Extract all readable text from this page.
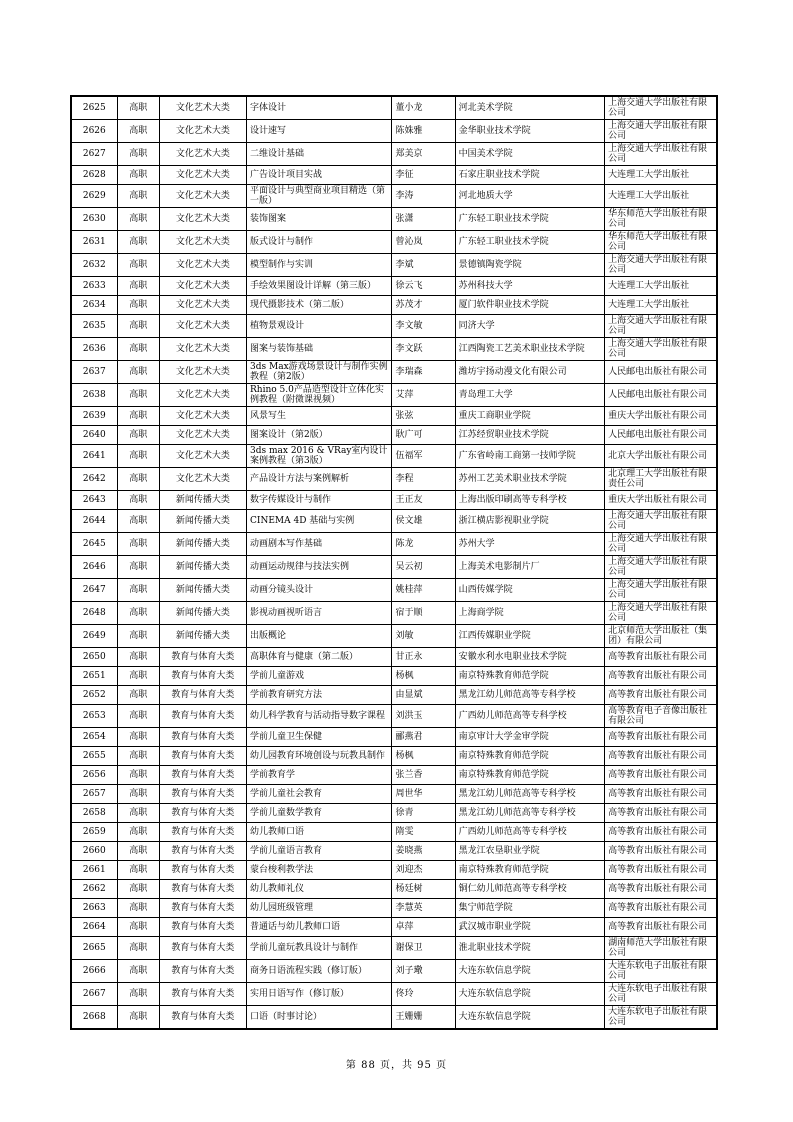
2625	高职	文化艺术大类	字体设计	董小龙	河北美术学院	上海交通大学出版社有限公司
2626	高职	文化艺术大类	设计速写	陈姝雅	金华职业技术学院	上海交通大学出版社有限公司
2627	高职	文化艺术大类	二维设计基础	郑美京	中国美术学院	上海交通大学出版社有限公司
2628	高职	文化艺术大类	广告设计项目实战	李征	石家庄职业技术学院	大连理工大学出版社
2629	高职	文化艺术大类	平面设计与典型商业项目精选（第一版）	李涛	河北地质大学	大连理工大学出版社
2630	高职	文化艺术大类	装饰图案	张潇	广东轻工职业技术学院	华东师范大学出版社有限公司
2631	高职	文化艺术大类	版式设计与制作	曾沁岚	广东轻工职业技术学院	华东师范大学出版社有限公司
2632	高职	文化艺术大类	模型制作与实训	李斌	景德镇陶瓷学院	上海交通大学出版社有限公司
2633	高职	文化艺术大类	手绘效果图设计详解（第三版）	徐云飞	苏州科技大学	大连理工大学出版社
2634	高职	文化艺术大类	现代摄影技术（第二版）	苏茂才	厦门软件职业技术学院	大连理工大学出版社
2635	高职	文化艺术大类	植物景观设计	李文敏	同济大学	上海交通大学出版社有限公司
2636	高职	文化艺术大类	图案与装饰基础	李文跃	江西陶瓷工艺美术职业技术学院	上海交通大学出版社有限公司
2637	高职	文化艺术大类	3ds Max游戏场景设计与制作实例教程（第2版）	李瑞森	潍坊宇扬动漫文化有限公司	人民邮电出版社有限公司
2638	高职	文化艺术大类	Rhino 5.0产品造型设计立体化实例教程（附微课视频）	艾萍	青岛理工大学	人民邮电出版社有限公司
2639	高职	文化艺术大类	风景写生	张弦	重庆工商职业学院	重庆大学出版社有限公司
2640	高职	文化艺术大类	图案设计（第2版）	耿广可	江苏经贸职业技术学院	人民邮电出版社有限公司
2641	高职	文化艺术大类	3ds max 2016 & VRay室内设计案例教程（第3版）	伍福军	广东省岭南工商第一技师学院	北京大学出版社有限公司
2642	高职	文化艺术大类	产品设计方法与案例解析	李程	苏州工艺美术职业技术学院	北京理工大学出版社有限责任公司
2643	高职	新闻传播大类	数字传媒设计与制作	王正友	上海出版印刷高等专科学校	重庆大学出版社有限公司
2644	高职	新闻传播大类	CINEMA 4D 基础与实例	侯文雄	浙江横店影视职业学院	上海交通大学出版社有限公司
2645	高职	新闻传播大类	动画剧本写作基础	陈龙	苏州大学	上海交通大学出版社有限公司
2646	高职	新闻传播大类	动画运动规律与技法实例	吴云初	上海美术电影制片厂	上海交通大学出版社有限公司
2647	高职	新闻传播大类	动画分镜头设计	姚桂萍	山西传媒学院	上海交通大学出版社有限公司
2648	高职	新闻传播大类	影视动画视听语言	宿于顺	上海商学院	上海交通大学出版社有限公司
2649	高职	新闻传播大类	出版概论	刘敏	江西传媒职业学院	北京师范大学出版社（集团）有限公司
2650	高职	教育与体育大类	高职体育与健康（第二版）	甘正永	安徽水利水电职业技术学院	高等教育出版社有限公司
2651	高职	教育与体育大类	学前儿童游戏	杨枫	南京特殊教育师范学院	高等教育出版社有限公司
2652	高职	教育与体育大类	学前教育研究方法	由显斌	黑龙江幼儿师范高等专科学校	高等教育出版社有限公司
2653	高职	教育与体育大类	幼儿科学教育与活动指导数字课程	刘洪玉	广西幼儿师范高等专科学校	高等教育电子音像出版社有限公司
2654	高职	教育与体育大类	学前儿童卫生保健	郦燕君	南京审计大学金审学院	高等教育出版社有限公司
2655	高职	教育与体育大类	幼儿园教育环境创设与玩教具制作	杨枫	南京特殊教育师范学院	高等教育出版社有限公司
2656	高职	教育与体育大类	学前教育学	张兰香	南京特殊教育师范学院	高等教育出版社有限公司
2657	高职	教育与体育大类	学前儿童社会教育	周世华	黑龙江幼儿师范高等专科学校	高等教育出版社有限公司
2658	高职	教育与体育大类	学前儿童数学教育	徐青	黑龙江幼儿师范高等专科学校	高等教育出版社有限公司
2659	高职	教育与体育大类	幼儿教师口语	隋雯	广西幼儿师范高等专科学校	高等教育出版社有限公司
2660	高职	教育与体育大类	学前儿童语言教育	姜晓燕	黑龙江农垦职业学院	高等教育出版社有限公司
2661	高职	教育与体育大类	蒙台梭利教学法	刘迎杰	南京特殊教育师范学院	高等教育出版社有限公司
2662	高职	教育与体育大类	幼儿教师礼仪	杨廷树	铜仁幼儿师范高等专科学校	高等教育出版社有限公司
2663	高职	教育与体育大类	幼儿园班级管理	李慧英	集宁师范学院	高等教育出版社有限公司
2664	高职	教育与体育大类	普通话与幼儿教师口语	卓萍	武汉城市职业学院	高等教育出版社有限公司
2665	高职	教育与体育大类	学前儿童玩教具设计与制作	谢保卫	淮北职业技术学院	湖南师范大学出版社有限公司
2666	高职	教育与体育大类	商务日语流程实践（修订版）	刘子璥	大连东软信息学院	大连东软电子出版社有限公司
2667	高职	教育与体育大类	实用日语写作（修订版）	佟玲	大连东软信息学院	大连东软电子出版社有限公司
2668	高职	教育与体育大类	口语（时事讨论）	王姗姗	大连东软信息学院	大连东软电子出版社有限公司
第 88 页，共 95 页
